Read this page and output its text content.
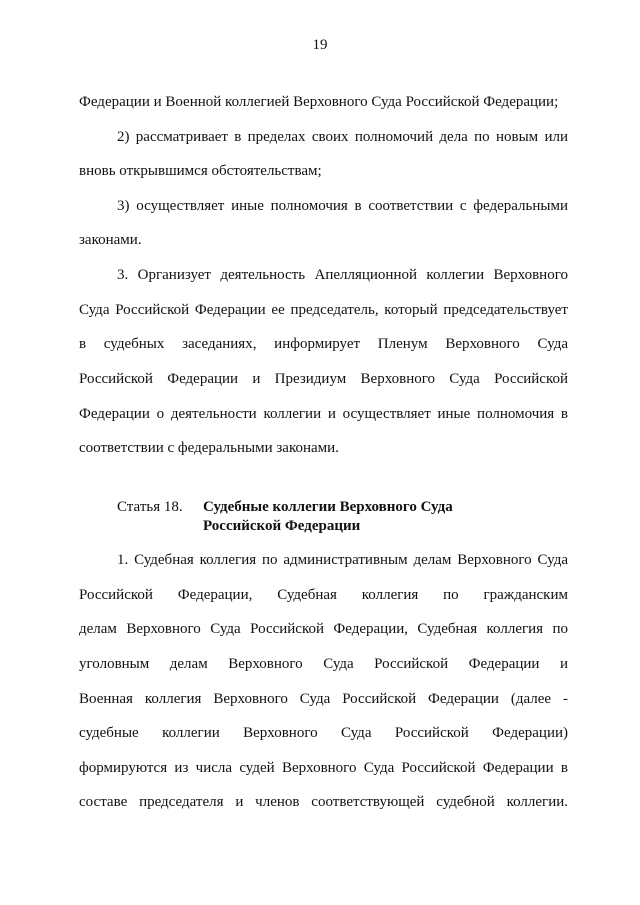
19
Федерации и Военной коллегией Верховного Суда Российской Федерации;
2) рассматривает в пределах своих полномочий дела по новым или
вновь открывшимся обстоятельствам;
3) осуществляет иные полномочия в соответствии с федеральными
законами.
3. Организует деятельность Апелляционной коллегии Верховного
Суда Российской Федерации ее председатель, который председательствует
в судебных заседаниях, информирует Пленум Верховного Суда
Российской Федерации и Президиум Верховного Суда Российской
Федерации о деятельности коллегии и осуществляет иные полномочия в
соответствии с федеральными законами.
Статья 18. Судебные коллегии Верховного Суда
Российской Федерации
1. Судебная коллегия по административным делам Верховного Суда
Российской Федерации, Судебная коллегия по гражданским
делам Верховного Суда Российской Федерации, Судебная коллегия по
уголовным делам Верховного Суда Российской Федерации и
Военная коллегия Верховного Суда Российской Федерации (далее -
судебные коллегии Верховного Суда Российской Федерации)
формируются из числа судей Верховного Суда Российской Федерации в
составе председателя и членов соответствующей судебной коллегии.
